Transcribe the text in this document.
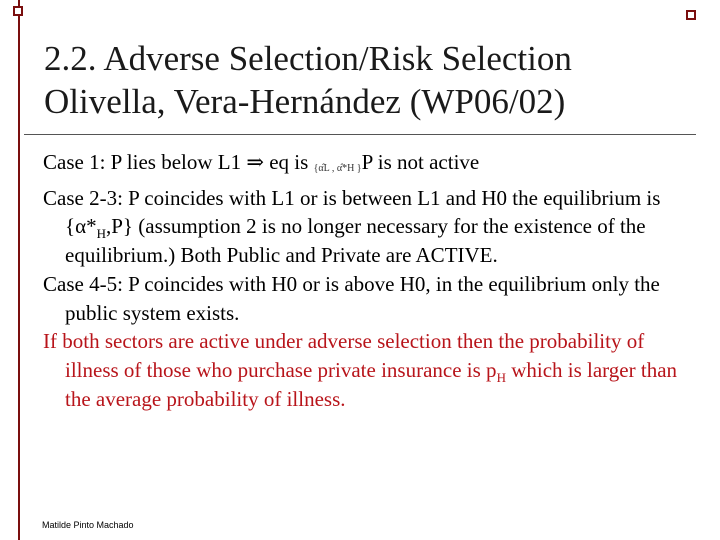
2.2. Adverse Selection/Risk Selection
Olivella, Vera-Hernández (WP06/02)

Case 1: P lies below L1 ⇒ eq is {α̂L , α̂*H }P is not active

Case 2-3: P coincides with L1 or is between L1 and H0 the equilibrium is $\{\alpha*_H,P\}$ (assumption 2 is no longer necessary for the existence of the equilibrium.) Both Public and Private are ACTIVE.

Case 4-5: P coincides with H0 or is above H0, in the equilibrium only the public system exists.

If both sectors are active under adverse selection then the probability of illness of those who purchase private insurance is $p_H$ which is larger than the average probability of illness.

Matilde Pinto Machado
